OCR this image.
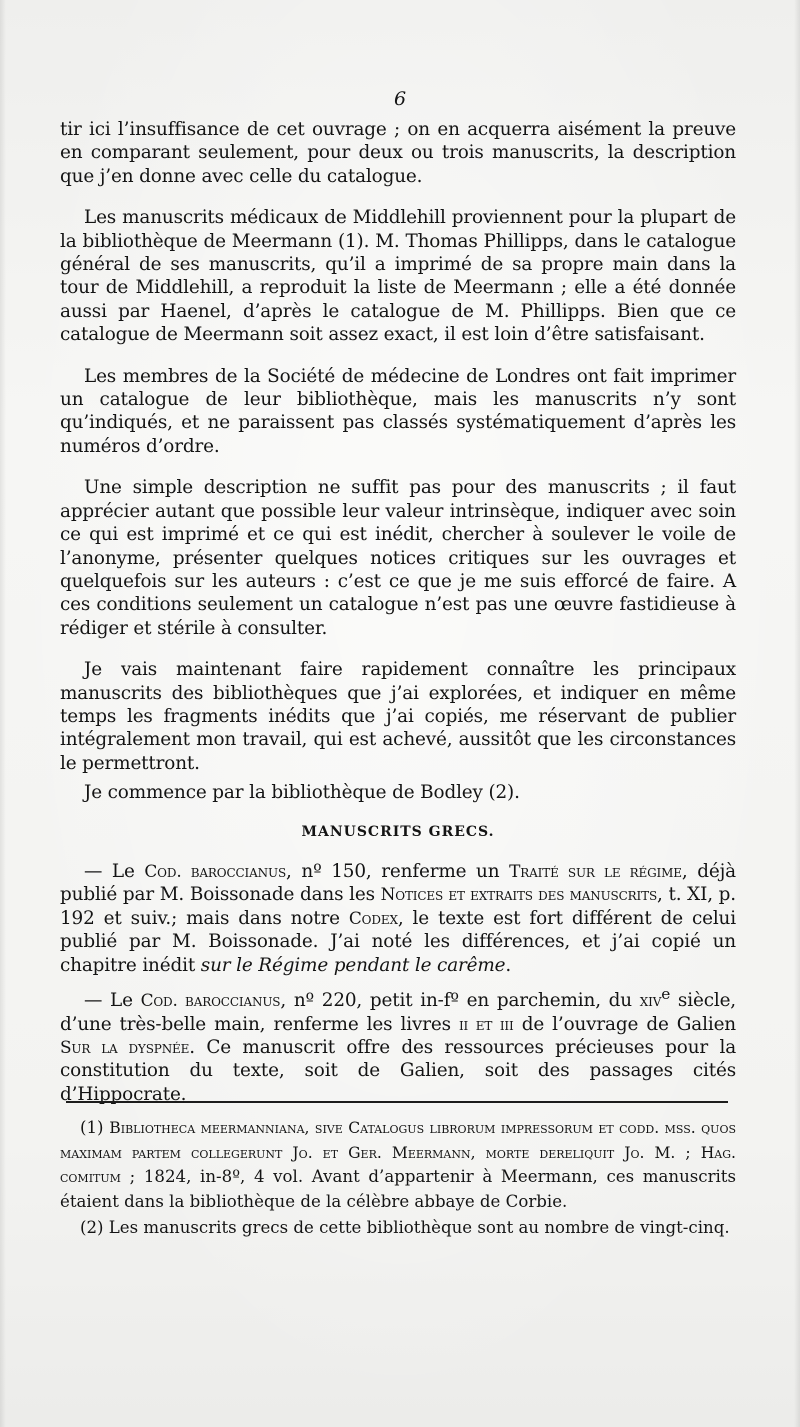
6

tir ici l’insuffisance de cet ouvrage ; on en acquerra aisément la preuve en comparant seulement, pour deux ou trois manuscrits, la description que j’en donne avec celle du catalogue.

Les manuscrits médicaux de Middlehill proviennent pour la plupart de la bibliothèque de Meermann (1). M. Thomas Phillipps, dans le catalogue général de ses manuscrits, qu’il a imprimé de sa propre main dans la tour de Middlehill, a reproduit la liste de Meermann ; elle a été donnée aussi par Haenel, d’après le catalogue de M. Phillipps. Bien que ce catalogue de Meermann soit assez exact, il est loin d’être satisfaisant.

Les membres de la Société de médecine de Londres ont fait imprimer un catalogue de leur bibliothèque, mais les manuscrits n’y sont qu’indiqués, et ne paraissent pas classés systématiquement d’après les numéros d’ordre.

Une simple description ne suffit pas pour des manuscrits ; il faut apprécier autant que possible leur valeur intrinsèque, indiquer avec soin ce qui est imprimé et ce qui est inédit, chercher à soulever le voile de l’anonyme, présenter quelques notices critiques sur les ouvrages et quelquefois sur les auteurs : c’est ce que je me suis efforcé de faire. A ces conditions seulement un catalogue n’est pas une œuvre fastidieuse à rédiger et stérile à consulter.

Je vais maintenant faire rapidement connaître les principaux manuscrits des bibliothèques que j’ai explorées, et indiquer en même temps les fragments inédits que j’ai copiés, me réservant de publier intégralement mon travail, qui est achevé, aussitôt que les circonstances le permettront.

Je commence par la bibliothèque de Bodley (2).

MANUSCRITS GRECS.

— Le Cod. baroccianus, nº 150, renferme un Traité sur le régime, déjà publié par M. Boissonade dans les Notices et extraits des manuscrits, t. XI, p. 192 et suiv.; mais dans notre Codex, le texte est fort différent de celui publié par M. Boissonade. J’ai noté les différences, et j’ai copié un chapitre inédit sur le Régime pendant le carême.

— Le Cod. baroccianus, nº 220, petit in-fº en parchemin, du xiv$^e$ siècle, d’une très-belle main, renferme les livres ii et iii de l’ouvrage de Galien Sur la dyspnée. Ce manuscrit offre des ressources précieuses pour la constitution du texte, soit de Galien, soit des passages cités d’Hippocrate.

(1) Bibliotheca meermanniana, sive Catalogus librorum impressorum et codd. mss. quos maximam partem collegerunt Jo. et Ger. Meermann, morte dereliquit Jo. M. ; Hag. comitum ; 1824, in-8º, 4 vol. Avant d’appartenir à Meermann, ces manuscrits étaient dans la bibliothèque de la célèbre abbaye de Corbie.

(2) Les manuscrits grecs de cette bibliothèque sont au nombre de vingt-cinq.
